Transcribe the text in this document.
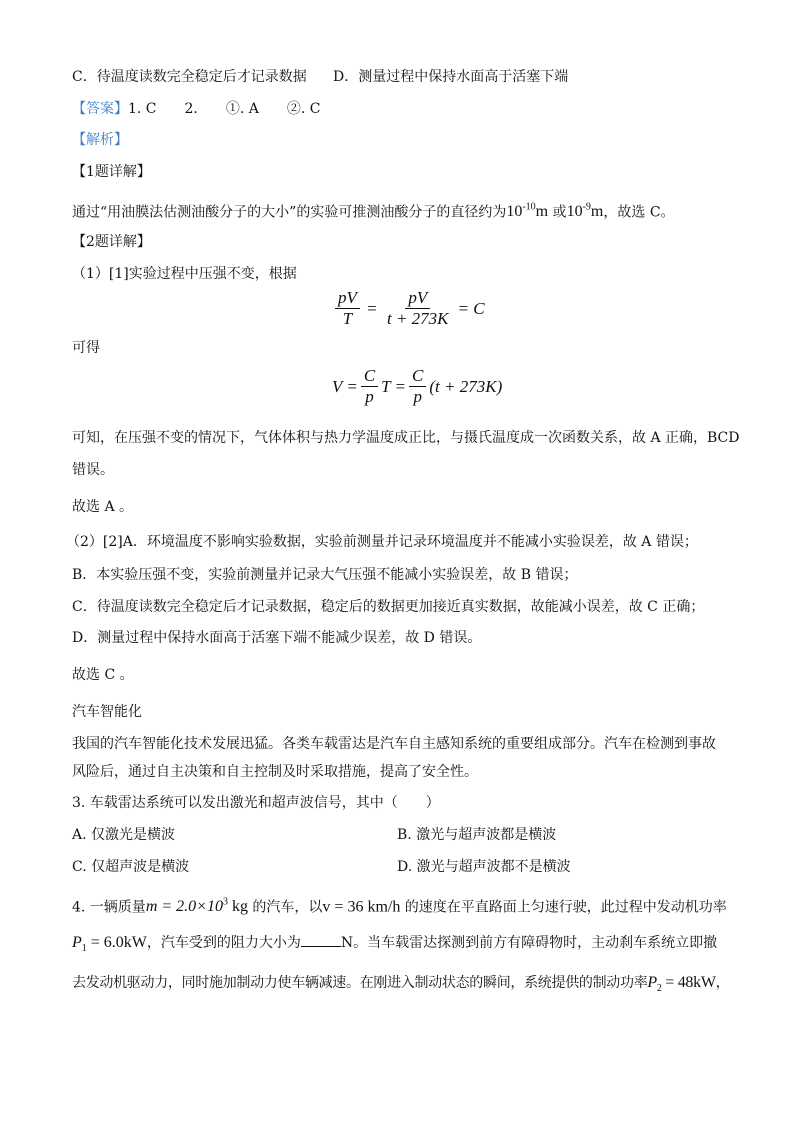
C．待温度读数完全稳定后才记录数据 D．测量过程中保持水面高于活塞下端
【答案】1. C　　2.　　①. A　　②. C
【解析】
【1题详解】
通过“用油膜法估测油酸分子的大小”的实验可推测油酸分子的直径约为$10^{-10}m$ 或$10^{-9}m$，故选 C。
【2题详解】
（1）[1]实验过程中压强不变，根据
$\frac{pV}{T} = \frac{pV}{t + 273K} = C$
可得
$V = \frac{C}{p}$ $T = \frac{C}{p} (t + 273K)$
可知，在压强不变的情况下，气体体积与热力学温度成正比，与摄氏温度成一次函数关系，故 A 正确，BCD
错误。
故选 A 。
（2）[2]A．环境温度不影响实验数据，实验前测量并记录环境温度并不能减小实验误差，故 A 错误；
B．本实验压强不变，实验前测量并记录大气压强不能减小实验误差，故 B 错误；
C．待温度读数完全稳定后才记录数据，稳定后的数据更加接近真实数据，故能减小误差，故 C 正确；
D．测量过程中保持水面高于活塞下端不能减少误差，故 D 错误。
故选 C 。
汽车智能化
我国的汽车智能化技术发展迅猛。各类车载雷达是汽车自主感知系统的重要组成部分。汽车在检测到事故
风险后，通过自主决策和自主控制及时采取措施，提高了安全性。
3. 车载雷达系统可以发出激光和超声波信号，其中（　　）
A. 仅激光是横波	B. 激光与超声波都是横波
C. 仅超声波是横波	D. 激光与超声波都不是横波
4. 一辆质量$m = 2.0\times 10^3$ kg 的汽车，以v = 36 km/h 的速度在平直路面上匀速行驶，此过程中发动机功率
$P_1 = 6.0kW$，汽车受到的阻力大小为	N。当车载雷达探测到前方有障碍物时，主动刹车系统立即撤
去发动机驱动力，同时施加制动力使车辆减速。在刚进入制动状态的瞬间，系统提供的制动功率$P_2 = 48kW$，
